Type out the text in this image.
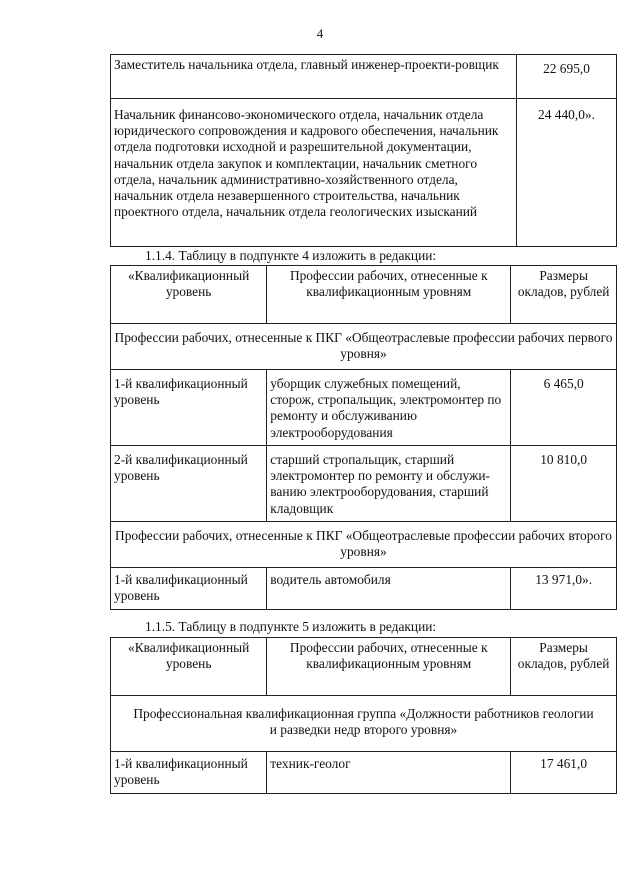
4
Заместитель начальника отдела, главный инженер-проекти-ровщик	22 695,0
Начальник финансово-экономического отдела, начальник отдела юридического сопровождения и кадрового обеспечения, начальник отдела подготовки исходной и разрешительной документации, начальник отдела закупок и комплектации, начальник сметного отдела, начальник административно-хозяйственного отдела, начальник отдела незавершенного строительства, начальник проектного отдела, начальник отдела геологических изысканий	24 440,0».
1.1.4. Таблицу в подпункте 4 изложить в редакции:
«Квалификационный уровень	Профессии рабочих, отнесенные к квалификационным уровням	Размеры окладов, рублей
Профессии рабочих, отнесенные к ПКГ «Общеотраслевые профессии рабочих первого уровня»		
1-й квалификационный уровень	уборщик служебных помещений, сторож, стропальщик, электромонтер по ремонту и обслуживанию электрооборудования	6 465,0
2-й квалификационный уровень	старший стропальщик, старший электромонтер по ремонту и обслужи-ванию электрооборудования, старший кладовщик	10 810,0
Профессии рабочих, отнесенные к ПКГ «Общеотраслевые профессии рабочих второго уровня»		
1-й квалификационный уровень	водитель автомобиля	13 971,0».
1.1.5. Таблицу в подпункте 5 изложить в редакции:
«Квалификационный уровень	Профессии рабочих, отнесенные к квалификационным уровням	Размеры окладов, рублей
Профессиональная квалификационная группа «Должности работников геологии и разведки недр второго уровня»		
1-й квалификационный уровень	техник-геолог	17 461,0
